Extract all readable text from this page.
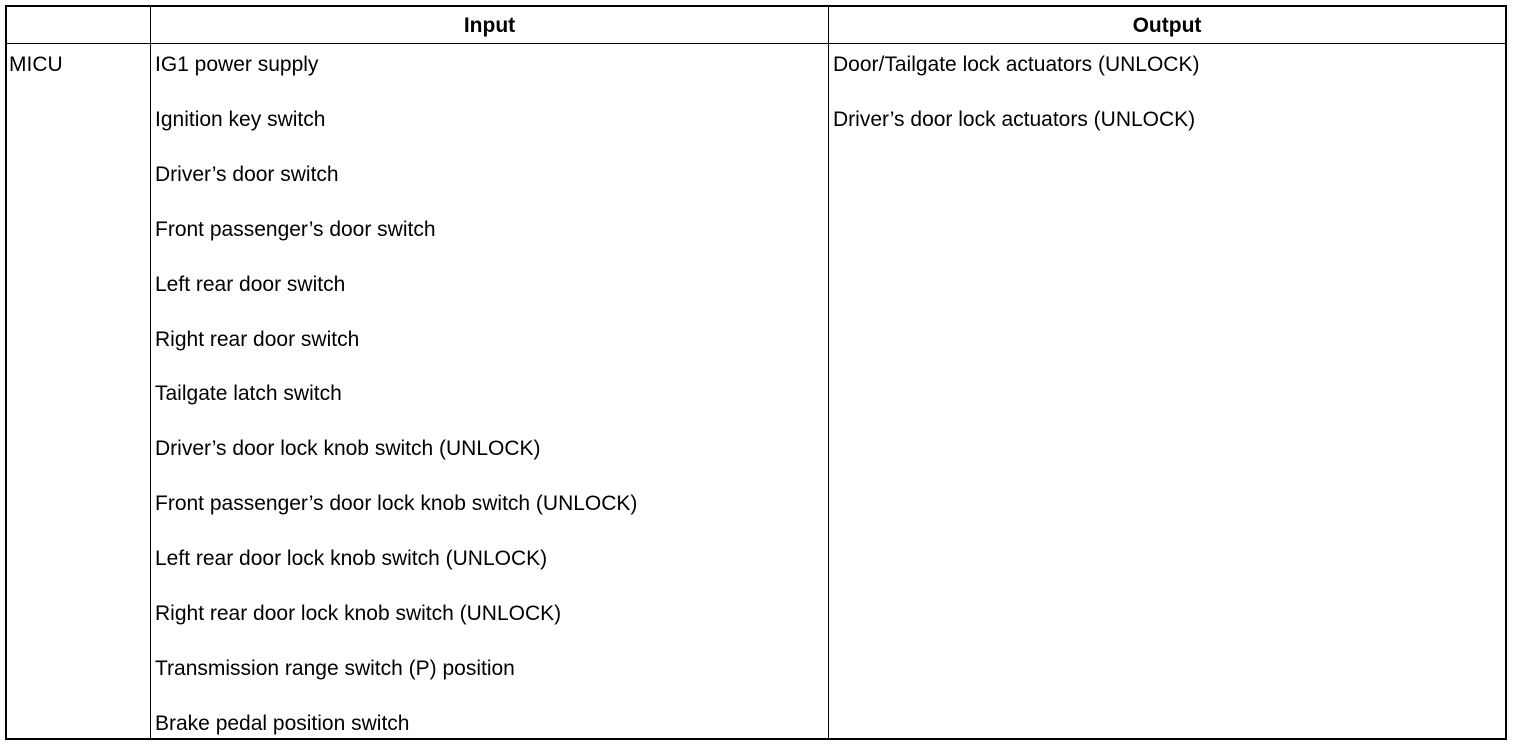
Input	Output
MICU	IG1 power supply
Ignition key switch
Driver’s door switch
Front passenger’s door switch
Left rear door switch
Right rear door switch
Tailgate latch switch
Driver’s door lock knob switch (UNLOCK)
Front passenger’s door lock knob switch (UNLOCK)
Left rear door lock knob switch (UNLOCK)
Right rear door lock knob switch (UNLOCK)
Transmission range switch (P) position
Brake pedal position switch
Door/Tailgate lock actuators (UNLOCK)
Driver’s door lock actuators (UNLOCK)
